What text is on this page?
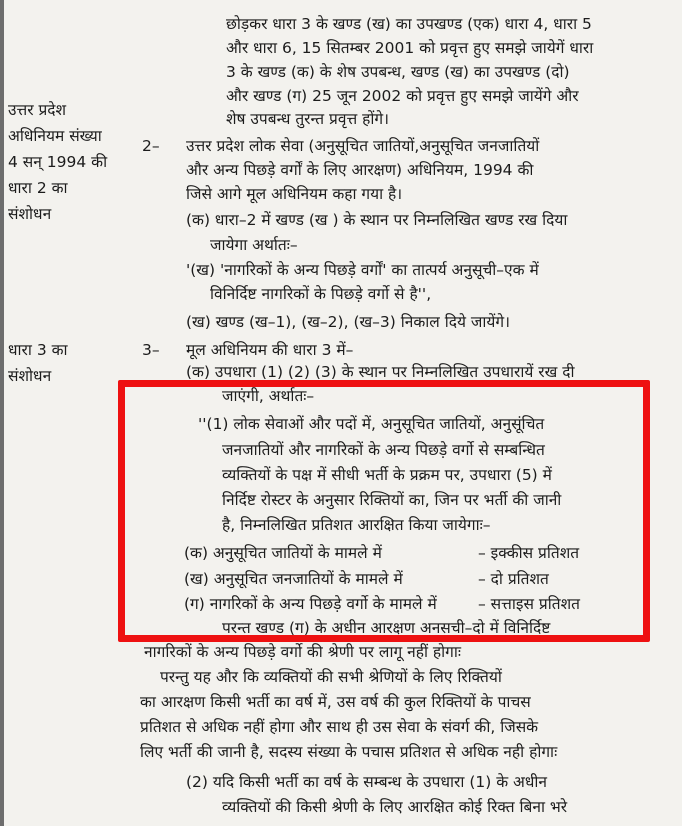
छोड़कर धारा 3 के खण्ड (ख) का उपखण्ड (एक) धारा 4, धारा 5
और धारा 6, 15 सितम्बर 2001 को प्रवृत्त हुए समझे जायेगें धारा
3 के खण्ड (क) के शेष उपबन्ध, खण्ड (ख) का उपखण्ड (दो)
और खण्ड (ग) 25 जून 2002 को प्रवृत्त हुए समझे जायेंगे और
शेष उपबन्ध तुरन्त प्रवृत्त होंगे।
उत्तर प्रदेश
अधिनियम संख्या
4 सन् 1994 की
धारा 2 का
संशोधन
2– उत्तर प्रदेश लोक सेवा (अनुसूचित जातियों,अनुसूचित जनजातियों
और अन्य पिछड़े वर्गों के लिए आरक्षण) अधिनियम, 1994 की
जिसे आगे मूल अधिनियम कहा गया है।
(क) धारा–2 में खण्ड (ख ) के स्थान पर निम्नलिखित खण्ड रख दिया
जायेगा अर्थातः–
'(ख) 'नागरिकों के अन्य पिछड़े वर्गों' का तात्पर्य अनुसूची–एक में
विनिर्दिष्ट नागरिकों के पिछड़े वर्गो से है'',
(ख) खण्ड (ख–1), (ख–2), (ख–3) निकाल दिये जायेंगे।
धारा 3 का
संशोधन
3– मूल अधिनियम की धारा 3 में–
(क) उपधारा (1) (2) (3) के स्थान पर निम्नलिखित उपधारायें रख दी
जाएंगी, अर्थातः–
''(1) लोक सेवाओं और पदों में, अनुसूचित जातियों, अनुसूंचित
जनजातियों और नागरिकों के अन्य पिछड़े वर्गो से सम्बन्धित
व्यक्तियों के पक्ष में सीधी भर्ती के प्रक्रम पर, उपधारा (5) में
निर्दिष्ट रोस्टर के अनुसार रिक्तियों का, जिन पर भर्ती की जानी
है, निम्नलिखित प्रतिशत आरक्षित किया जायेगाः–
(क) अनुसूचित जातियों के मामले में	– इक्कीस प्रतिशत
(ख) अनुसूचित जनजातियों के मामले में	– दो प्रतिशत
(ग) नागरिकों के अन्य पिछड़े वर्गो के मामले में	– सत्ताइस प्रतिशत
परन्त खण्ड (ग) के अधीन आरक्षण अनसची–दो में विनिर्दिष्ट
नागरिकों के अन्य पिछड़े वर्गो की श्रेणी पर लागू नहीं होगाः
परन्तु यह और कि व्यक्तियों की सभी श्रेणियों के लिए रिक्तियों
का आरक्षण किसी भर्ती का वर्ष में, उस वर्ष की कुल रिक्तियों के पाचस
प्रतिशत से अधिक नहीं होगा और साथ ही उस सेवा के संवर्ग की, जिसके
लिए भर्ती की जानी है, सदस्य संख्या के पचास प्रतिशत से अधिक नही होगाः
(2) यदि किसी भर्ती का वर्ष के सम्बन्ध के उपधारा (1) के अधीन
व्यक्तियों की किसी श्रेणी के लिए आरक्षित कोई रिक्त बिना भरे
